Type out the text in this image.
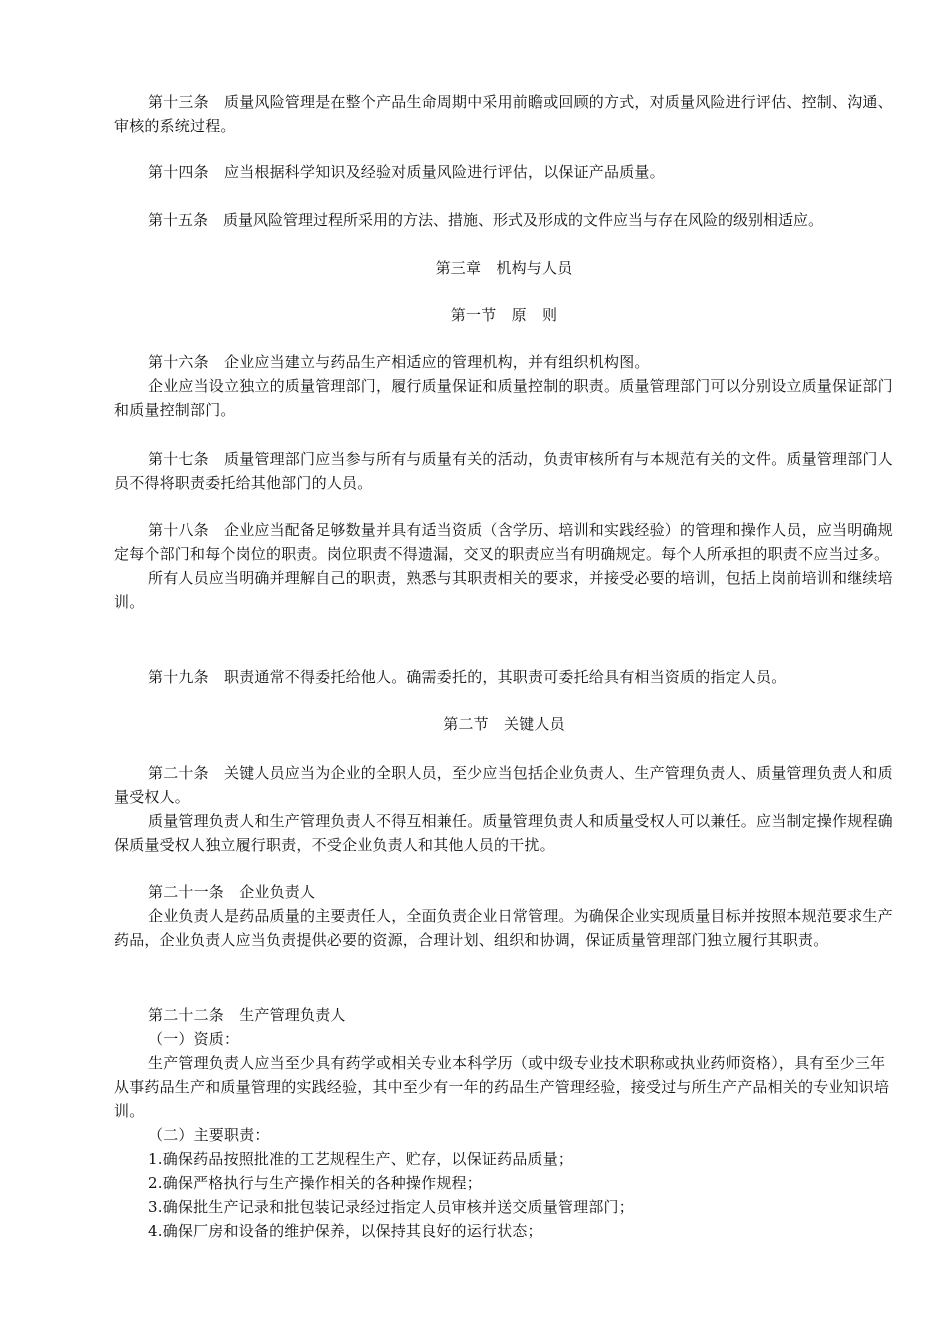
第十三条　质量风险管理是在整个产品生命周期中采用前瞻或回顾的方式，对质量风险进行评估、控制、沟通、审核的系统过程。

第十四条　应当根据科学知识及经验对质量风险进行评估，以保证产品质量。

第十五条　质量风险管理过程所采用的方法、措施、形式及形成的文件应当与存在风险的级别相适应。

第三章　机构与人员

第一节　原　则

第十六条　企业应当建立与药品生产相适应的管理机构，并有组织机构图。

企业应当设立独立的质量管理部门，履行质量保证和质量控制的职责。质量管理部门可以分别设立质量保证部门和质量控制部门。

第十七条　质量管理部门应当参与所有与质量有关的活动，负责审核所有与本规范有关的文件。质量管理部门人员不得将职责委托给其他部门的人员。

第十八条　企业应当配备足够数量并具有适当资质（含学历、培训和实践经验）的管理和操作人员，应当明确规定每个部门和每个岗位的职责。岗位职责不得遗漏，交叉的职责应当有明确规定。每个人所承担的职责不应当过多。

所有人员应当明确并理解自己的职责，熟悉与其职责相关的要求，并接受必要的培训，包括上岗前培训和继续培训。

第十九条　职责通常不得委托给他人。确需委托的，其职责可委托给具有相当资质的指定人员。

第二节　关键人员

第二十条　关键人员应当为企业的全职人员，至少应当包括企业负责人、生产管理负责人、质量管理负责人和质量受权人。

质量管理负责人和生产管理负责人不得互相兼任。质量管理负责人和质量受权人可以兼任。应当制定操作规程确保质量受权人独立履行职责，不受企业负责人和其他人员的干扰。

第二十一条　企业负责人

企业负责人是药品质量的主要责任人，全面负责企业日常管理。为确保企业实现质量目标并按照本规范要求生产药品，企业负责人应当负责提供必要的资源，合理计划、组织和协调，保证质量管理部门独立履行其职责。

第二十二条　生产管理负责人

（一）资质：

生产管理负责人应当至少具有药学或相关专业本科学历（或中级专业技术职称或执业药师资格），具有至少三年从事药品生产和质量管理的实践经验，其中至少有一年的药品生产管理经验，接受过与所生产产品相关的专业知识培训。

（二）主要职责：

1.确保药品按照批准的工艺规程生产、贮存，以保证药品质量；

2.确保严格执行与生产操作相关的各种操作规程；

3.确保批生产记录和批包装记录经过指定人员审核并送交质量管理部门；

4.确保厂房和设备的维护保养，以保持其良好的运行状态；
